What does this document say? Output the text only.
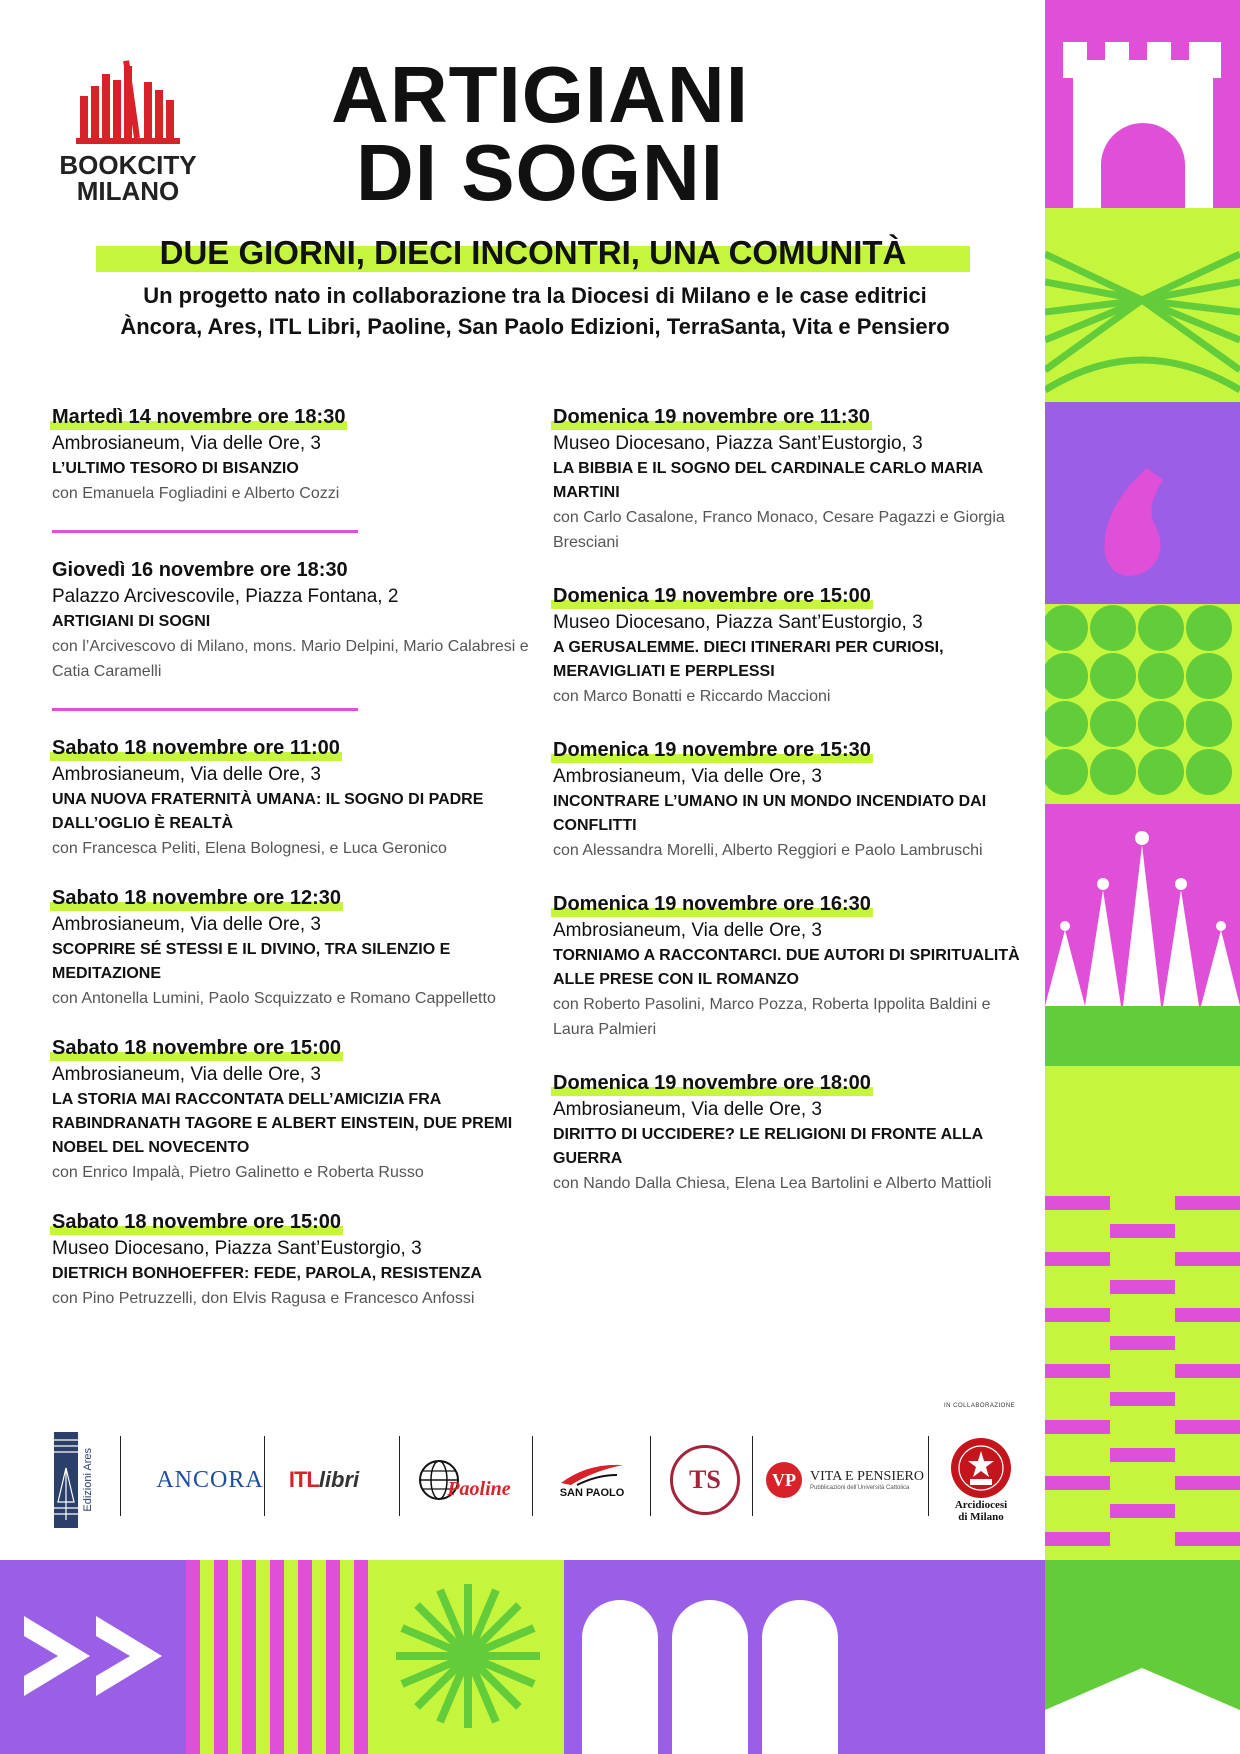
BOOKCITY
MILANO
ARTIGIANI
DI SOGNI
DUE GIORNI, DIECI INCONTRI, UNA COMUNITÀ
Un progetto nato in collaborazione tra la Diocesi di Milano e le case editrici
Àncora, Ares, ITL Libri, Paoline, San Paolo Edizioni, TerraSanta, Vita e Pensiero
Martedì 14 novembre ore 18:30
Ambrosianeum, Via delle Ore, 3
L’ULTIMO TESORO DI BISANZIO
con Emanuela Fogliadini e Alberto Cozzi
Giovedì 16 novembre ore 18:30
Palazzo Arcivescovile, Piazza Fontana, 2
ARTIGIANI DI SOGNI
con l’Arcivescovo di Milano, mons. Mario Delpini, Mario Calabresi e Catia Caramelli
Sabato 18 novembre ore 11:00
Ambrosianeum, Via delle Ore, 3
UNA NUOVA FRATERNITÀ UMANA: IL SOGNO DI PADRE DALL’OGLIO È REALTÀ
con Francesca Peliti, Elena Bolognesi, e Luca Geronico
Sabato 18 novembre ore 12:30
Ambrosianeum, Via delle Ore, 3
SCOPRIRE SÉ STESSI E IL DIVINO, TRA SILENZIO E MEDITAZIONE
con Antonella Lumini, Paolo Scquizzato e Romano Cappelletto
Sabato 18 novembre ore 15:00
Ambrosianeum, Via delle Ore, 3
LA STORIA MAI RACCONTATA DELL’AMICIZIA FRA RABINDRANATH TAGORE E ALBERT EINSTEIN, DUE PREMI NOBEL DEL NOVECENTO
con Enrico Impalà, Pietro Galinetto e Roberta Russo
Sabato 18 novembre ore 15:00
Museo Diocesano, Piazza Sant’Eustorgio, 3
DIETRICH BONHOEFFER: FEDE, PAROLA, RESISTENZA
con Pino Petruzzelli, don Elvis Ragusa e Francesco Anfossi
Domenica 19 novembre ore 11:30
Museo Diocesano, Piazza Sant’Eustorgio, 3
LA BIBBIA E IL SOGNO DEL CARDINALE CARLO MARIA MARTINI
con Carlo Casalone, Franco Monaco, Cesare Pagazzi e Giorgia Bresciani
Domenica 19 novembre ore 15:00
Museo Diocesano, Piazza Sant’Eustorgio, 3
A GERUSALEMME. DIECI ITINERARI PER CURIOSI, MERAVIGLIATI E PERPLESSI
con Marco Bonatti e Riccardo Maccioni
Domenica 19 novembre ore 15:30
Ambrosianeum, Via delle Ore, 3
INCONTRARE L’UMANO IN UN MONDO INCENDIATO DAI CONFLITTI
con Alessandra Morelli, Alberto Reggiori e Paolo Lambruschi
Domenica 19 novembre ore 16:30
Ambrosianeum, Via delle Ore, 3
TORNIAMO A RACCONTARCI. DUE AUTORI DI SPIRITUALITÀ ALLE PRESE CON IL ROMANZO
con Roberto Pasolini, Marco Pozza, Roberta Ippolita Baldini e Laura Palmieri
Domenica 19 novembre ore 18:00
Ambrosianeum, Via delle Ore, 3
DIRITTO DI UCCIDERE? LE RELIGIONI DI FRONTE ALLA GUERRA
con Nando Dalla Chiesa, Elena Lea Bartolini e Alberto Mattioli
IN COLLABORAZIONE
Edizioni Ares	ANCORA ITL libri	Paoline	SAN PAOLO TS	VP	VITA E PENSIERO
Pubblicazioni dell’Università Cattolica
Arcidiocesi
di Milano
